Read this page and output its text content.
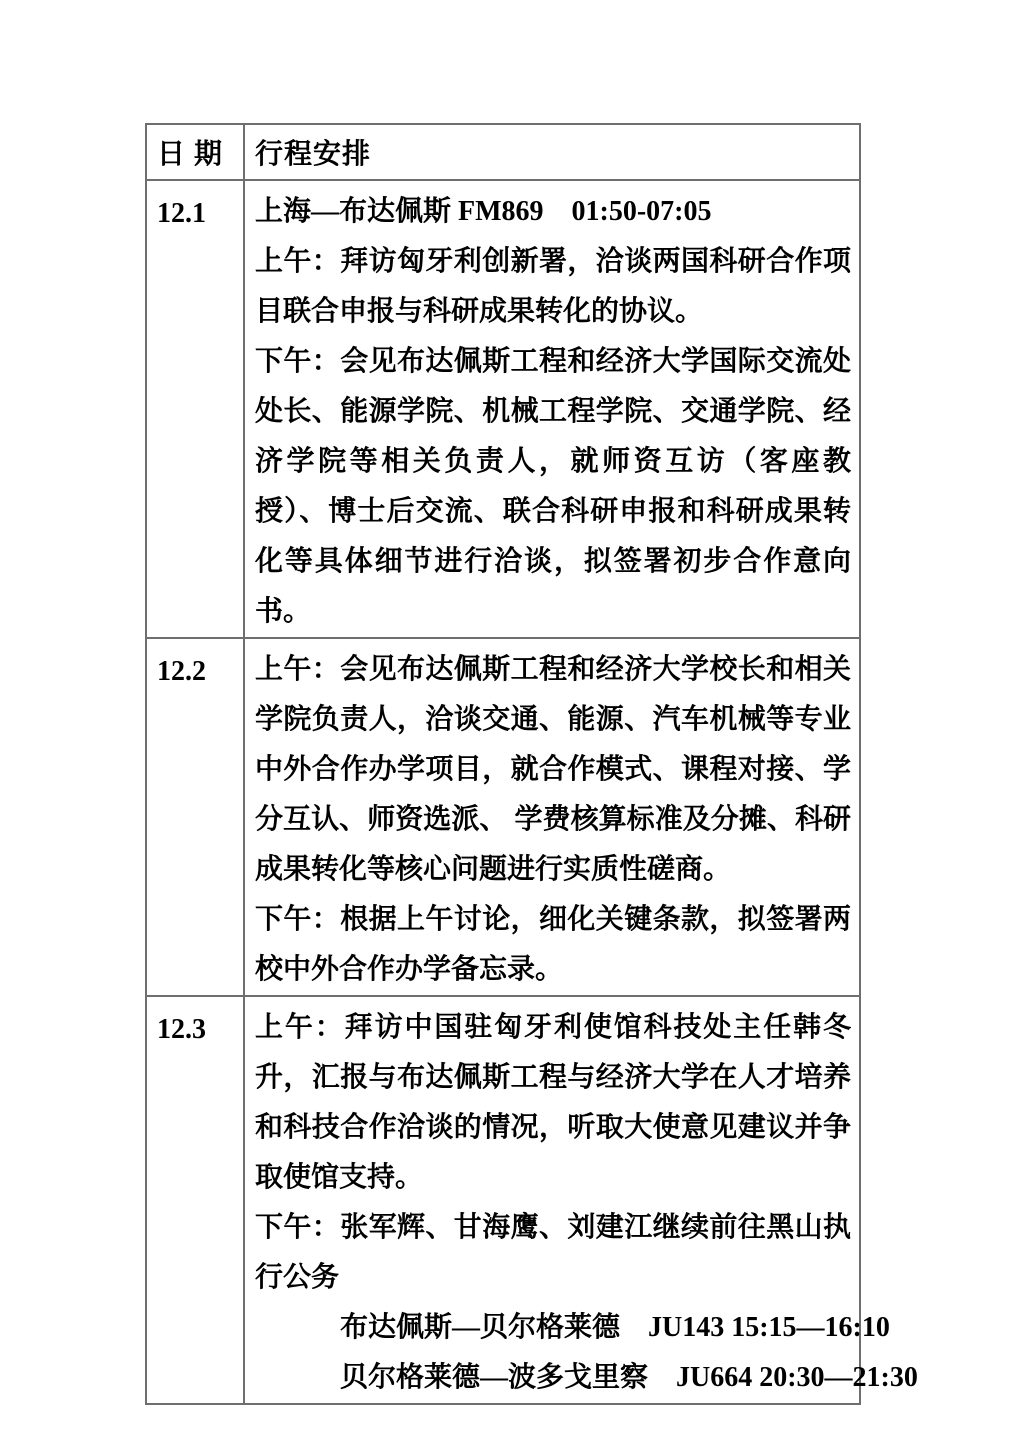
日 期	行程安排
12.1	上海—布达佩斯 FM869　01:50-07:05

上午：拜访匈牙利创新署，洽谈两国科研合作项目联合申报与科研成果转化的协议。

下午：会见布达佩斯工程和经济大学国际交流处处长、能源学院、机械工程学院、交通学院、经济学院等相关负责人，就师资互访（客座教授）、博士后交流、联合科研申报和科研成果转化等具体细节进行洽谈，拟签署初步合作意向书。

12.2	上午：会见布达佩斯工程和经济大学校长和相关学院负责人，洽谈交通、能源、汽车机械等专业中外合作办学项目，就合作模式、课程对接、学分互认、师资选派、 学费核算标准及分摊、科研成果转化等核心问题进行实质性磋商。

下午：根据上午讨论，细化关键条款，拟签署两校中外合作办学备忘录。

12.3	上午：拜访中国驻匈牙利使馆科技处主任韩冬升，汇报与布达佩斯工程与经济大学在人才培养和科技合作洽谈的情况，听取大使意见建议并争取使馆支持。

下午：张军辉、甘海鹰、刘建江继续前往黑山执行公务

布达佩斯—贝尔格莱德　JU143 15:15—16:10

贝尔格莱德—波多戈里察　JU664 20:30—21:30
